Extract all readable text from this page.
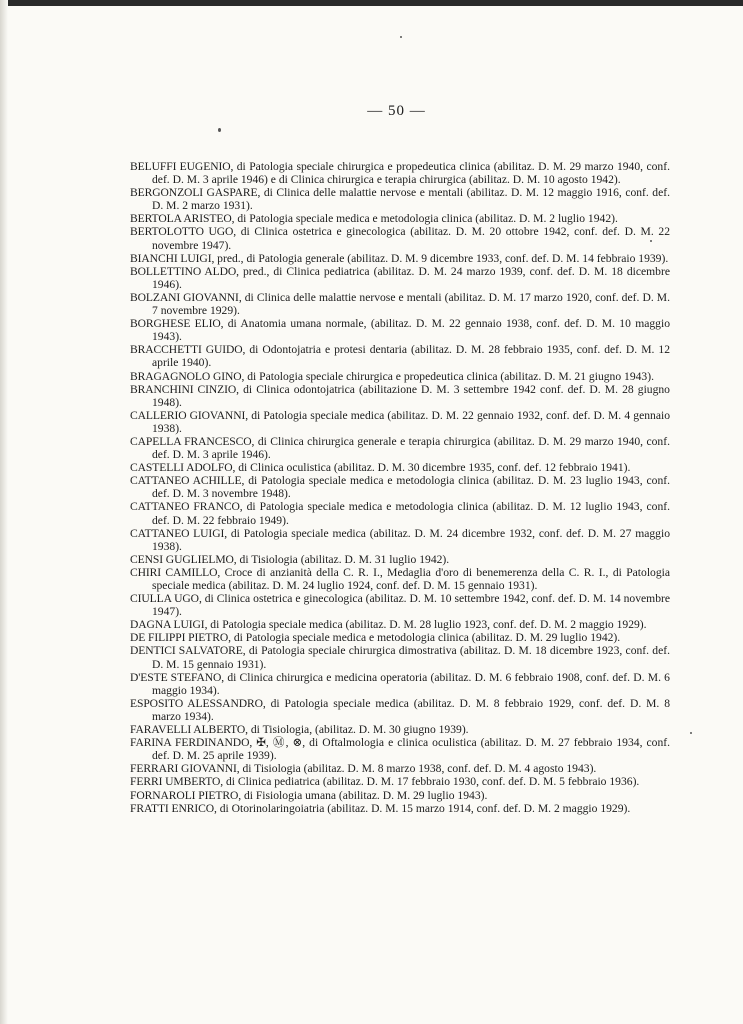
— 50 —

BELUFFI EUGENIO, di Patologia speciale chirurgica e propedeutica clinica (abilitaz. D. M. 29 marzo 1940, conf. def. D. M. 3 aprile 1946) e di Clinica chirurgica e terapia chirurgica (abilitaz. D. M. 10 agosto 1942).

BERGONZOLI GASPARE, di Clinica delle malattie nervose e mentali (abilitaz. D. M. 12 maggio 1916, conf. def. D. M. 2 marzo 1931).

BERTOLA ARISTEO, di Patologia speciale medica e metodologia clinica (abilitaz. D. M. 2 luglio 1942).

BERTOLOTTO UGO, di Clinica ostetrica e ginecologica (abilitaz. D. M. 20 ottobre 1942, conf. def. D. M. 22 novembre 1947).

BIANCHI LUIGI, pred., di Patologia generale (abilitaz. D. M. 9 dicembre 1933, conf. def. D. M. 14 febbraio 1939).

BOLLETTINO ALDO, pred., di Clinica pediatrica (abilitaz. D. M. 24 marzo 1939, conf. def. D. M. 18 dicembre 1946).

BOLZANI GIOVANNI, di Clinica delle malattie nervose e mentali (abilitaz. D. M. 17 marzo 1920, conf. def. D. M. 7 novembre 1929).

BORGHESE ELIO, di Anatomia umana normale, (abilitaz. D. M. 22 gennaio 1938, conf. def. D. M. 10 maggio 1943).

BRACCHETTI GUIDO, di Odontojatria e protesi dentaria (abilitaz. D. M. 28 febbraio 1935, conf. def. D. M. 12 aprile 1940).

BRAGAGNOLO GINO, di Patologia speciale chirurgica e propedeutica clinica (abilitaz. D. M. 21 giugno 1943).

BRANCHINI CINZIO, di Clinica odontojatrica (abilitazione D. M. 3 settembre 1942 conf. def. D. M. 28 giugno 1948).

CALLERIO GIOVANNI, di Patologia speciale medica (abilitaz. D. M. 22 gennaio 1932, conf. def. D. M. 4 gennaio 1938).

CAPELLA FRANCESCO, di Clinica chirurgica generale e terapia chirurgica (abilitaz. D. M. 29 marzo 1940, conf. def. D. M. 3 aprile 1946).

CASTELLI ADOLFO, di Clinica oculistica (abilitaz. D. M. 30 dicembre 1935, conf. def. 12 febbraio 1941).

CATTANEO ACHILLE, di Patologia speciale medica e metodologia clinica (abilitaz. D. M. 23 luglio 1943, conf. def. D. M. 3 novembre 1948).

CATTANEO FRANCO, di Patologia speciale medica e metodologia clinica (abilitaz. D. M. 12 luglio 1943, conf. def. D. M. 22 febbraio 1949).

CATTANEO LUIGI, di Patologia speciale medica (abilitaz. D. M. 24 dicembre 1932, conf. def. D. M. 27 maggio 1938).

CENSI GUGLIELMO, di Tisiologia (abilitaz. D. M. 31 luglio 1942).

CHIRI CAMILLO, Croce di anzianità della C. R. I., Medaglia d'oro di benemerenza della C. R. I., di Patologia speciale medica (abilitaz. D. M. 24 luglio 1924, conf. def. D. M. 15 gennaio 1931).

CIULLA UGO, di Clinica ostetrica e ginecologica (abilitaz. D. M. 10 settembre 1942, conf. def. D. M. 14 novembre 1947).

DAGNA LUIGI, di Patologia speciale medica (abilitaz. D. M. 28 luglio 1923, conf. def. D. M. 2 maggio 1929).

DE FILIPPI PIETRO, di Patologia speciale medica e metodologia clinica (abilitaz. D. M. 29 luglio 1942).

DENTICI SALVATORE, di Patologia speciale chirurgica dimostrativa (abilitaz. D. M. 18 dicembre 1923, conf. def. D. M. 15 gennaio 1931).

D'ESTE STEFANO, di Clinica chirurgica e medicina operatoria (abilitaz. D. M. 6 febbraio 1908, conf. def. D. M. 6 maggio 1934).

ESPOSITO ALESSANDRO, di Patologia speciale medica (abilitaz. D. M. 8 febbraio 1929, conf. def. D. M. 8 marzo 1934).

FARAVELLI ALBERTO, di Tisiologia, (abilitaz. D. M. 30 giugno 1939).

FARINA FERDINANDO, ✠, Ⓜ, ⊗, di Oftalmologia e clinica oculistica (abilitaz. D. M. 27 febbraio 1934, conf. def. D. M. 25 aprile 1939).

FERRARI GIOVANNI, di Tisiologia (abilitaz. D. M. 8 marzo 1938, conf. def. D. M. 4 agosto 1943).

FERRI UMBERTO, di Clinica pediatrica (abilitaz. D. M. 17 febbraio 1930, conf. def. D. M. 5 febbraio 1936).

FORNAROLI PIETRO, di Fisiologia umana (abilitaz. D. M. 29 luglio 1943).

FRATTI ENRICO, di Otorinolaringoiatria (abilitaz. D. M. 15 marzo 1914, conf. def. D. M. 2 maggio 1929).
